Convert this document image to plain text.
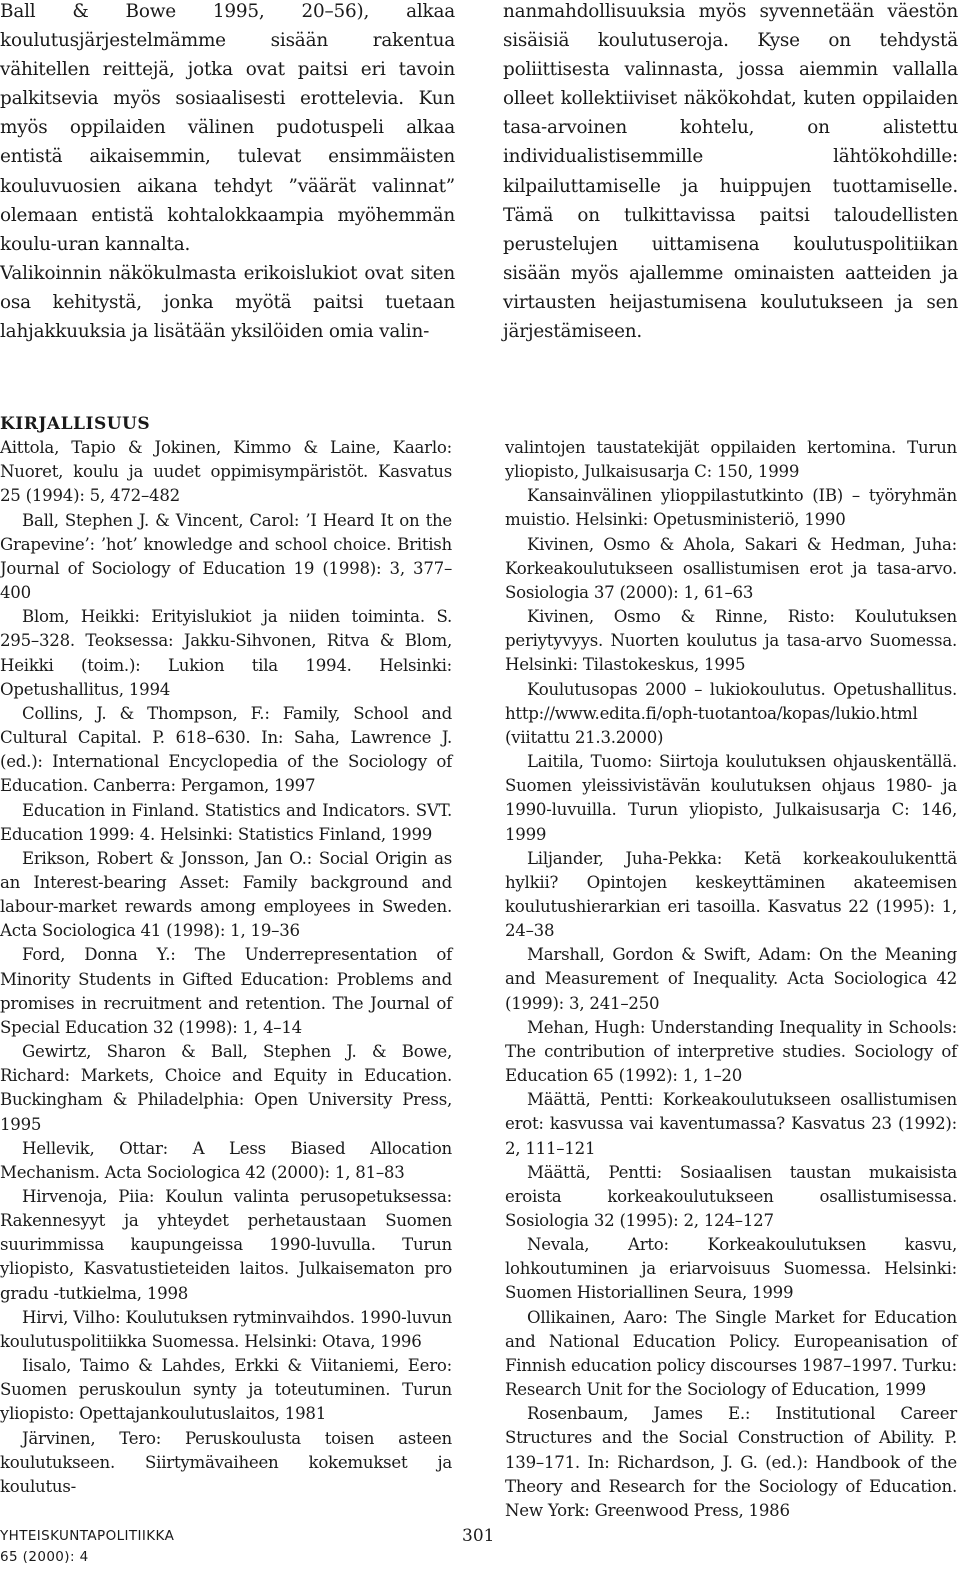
Ball & Bowe 1995, 20–56), alkaa koulutusjärjestelmämme sisään rakentua vähitellen reittejä, jotka ovat paitsi eri tavoin palkitsevia myös sosiaalisesti erottelevia. Kun myös oppilaiden välinen pudotuspeli alkaa entistä aikaisemmin, tulevat ensimmäisten kouluvuosien aikana tehdyt ”väärät valinnat” olemaan entistä kohtalokkaampia myöhemmän koulu-uran kannalta.

Valikoinnin näkökulmasta erikoislukiot ovat siten osa kehitystä, jonka myötä paitsi tuetaan lahjakkuuksia ja lisätään yksilöiden omia valin-

nanmahdollisuuksia myös syvennetään väestön sisäisiä koulutuseroja. Kyse on tehdystä poliittisesta valinnasta, jossa aiemmin vallalla olleet kollektiiviset näkökohdat, kuten oppilaiden tasa-arvoinen kohtelu, on alistettu individualistisemmille lähtökohdille: kilpailuttamiselle ja huippujen tuottamiselle. Tämä on tulkittavissa paitsi taloudellisten perustelujen uittamisena koulutuspolitiikan sisään myös ajallemme ominaisten aatteiden ja virtausten heijastumisena koulutukseen ja sen järjestämiseen.

KIRJALLISUUS

Aittola, Tapio & Jokinen, Kimmo & Laine, Kaarlo: Nuoret, koulu ja uudet oppimisympäristöt. Kasvatus 25 (1994): 5, 472–482

Ball, Stephen J. & Vincent, Carol: ’I Heard It on the Grapevine’: ’hot’ knowledge and school choice. British Journal of Sociology of Education 19 (1998): 3, 377–400

Blom, Heikki: Erityislukiot ja niiden toiminta. S. 295–328. Teoksessa: Jakku-Sihvonen, Ritva & Blom, Heikki (toim.): Lukion tila 1994. Helsinki: Opetushallitus, 1994

Collins, J. & Thompson, F.: Family, School and Cultural Capital. P. 618–630. In: Saha, Lawrence J. (ed.): International Encyclopedia of the Sociology of Education. Canberra: Pergamon, 1997

Education in Finland. Statistics and Indicators. SVT. Education 1999: 4. Helsinki: Statistics Finland, 1999

Erikson, Robert & Jonsson, Jan O.: Social Origin as an Interest-bearing Asset: Family background and labour-market rewards among employees in Sweden. Acta Sociologica 41 (1998): 1, 19–36

Ford, Donna Y.: The Underrepresentation of Minority Students in Gifted Education: Problems and promises in recruitment and retention. The Journal of Special Education 32 (1998): 1, 4–14

Gewirtz, Sharon & Ball, Stephen J. & Bowe, Richard: Markets, Choice and Equity in Education. Buckingham & Philadelphia: Open University Press, 1995

Hellevik, Ottar: A Less Biased Allocation Mechanism. Acta Sociologica 42 (2000): 1, 81–83

Hirvenoja, Piia: Koulun valinta perusopetuksessa: Rakennesyyt ja yhteydet perhetaustaan Suomen suurimmissa kaupungeissa 1990-luvulla. Turun yliopisto, Kasvatustieteiden laitos. Julkaisematon pro gradu -tutkielma, 1998

Hirvi, Vilho: Koulutuksen rytminvaihdos. 1990-luvun koulutuspolitiikka Suomessa. Helsinki: Otava, 1996

Iisalo, Taimo & Lahdes, Erkki & Viitaniemi, Eero: Suomen peruskoulun synty ja toteutuminen. Turun yliopisto: Opettajankoulutuslaitos, 1981

Järvinen, Tero: Peruskoulusta toisen asteen koulutukseen. Siirtymävaiheen kokemukset ja koulutus-

valintojen taustatekijät oppilaiden kertomina. Turun yliopisto, Julkaisusarja C: 150, 1999

Kansainvälinen ylioppilastutkinto (IB) – työryhmän muistio. Helsinki: Opetusministeriö, 1990

Kivinen, Osmo & Ahola, Sakari & Hedman, Juha: Korkeakoulutukseen osallistumisen erot ja tasa-arvo. Sosiologia 37 (2000): 1, 61–63

Kivinen, Osmo & Rinne, Risto: Koulutuksen periytyvyys. Nuorten koulutus ja tasa-arvo Suomessa. Helsinki: Tilastokeskus, 1995

Koulutusopas 2000 – lukiokoulutus. Opetushallitus. http://www.edita.fi/oph-tuotantoa/kopas/lukio.html (viitattu 21.3.2000)

Laitila, Tuomo: Siirtoja koulutuksen ohjauskentällä. Suomen yleissivistävän koulutuksen ohjaus 1980- ja 1990-luvuilla. Turun yliopisto, Julkaisusarja C: 146, 1999

Liljander, Juha-Pekka: Ketä korkeakoulukenttä hylkii? Opintojen keskeyttäminen akateemisen koulutushierarkian eri tasoilla. Kasvatus 22 (1995): 1, 24–38

Marshall, Gordon & Swift, Adam: On the Meaning and Measurement of Inequality. Acta Sociologica 42 (1999): 3, 241–250

Mehan, Hugh: Understanding Inequality in Schools: The contribution of interpretive studies. Sociology of Education 65 (1992): 1, 1–20

Määttä, Pentti: Korkeakoulutukseen osallistumisen erot: kasvussa vai kaventumassa? Kasvatus 23 (1992): 2, 111–121

Määttä, Pentti: Sosiaalisen taustan mukaisista eroista korkeakoulutukseen osallistumisessa. Sosiologia 32 (1995): 2, 124–127

Nevala, Arto: Korkeakoulutuksen kasvu, lohkoutuminen ja eriarvoisuus Suomessa. Helsinki: Suomen Historiallinen Seura, 1999

Ollikainen, Aaro: The Single Market for Education and National Education Policy. Europeanisation of Finnish education policy discourses 1987–1997. Turku: Research Unit for the Sociology of Education, 1999

Rosenbaum, James E.: Institutional Career Structures and the Social Construction of Ability. P. 139–171. In: Richardson, J. G. (ed.): Handbook of the Theory and Research for the Sociology of Education. New York: Greenwood Press, 1986

YHTEISKUNTAPOLITIIKKA
65 (2000): 4
301
